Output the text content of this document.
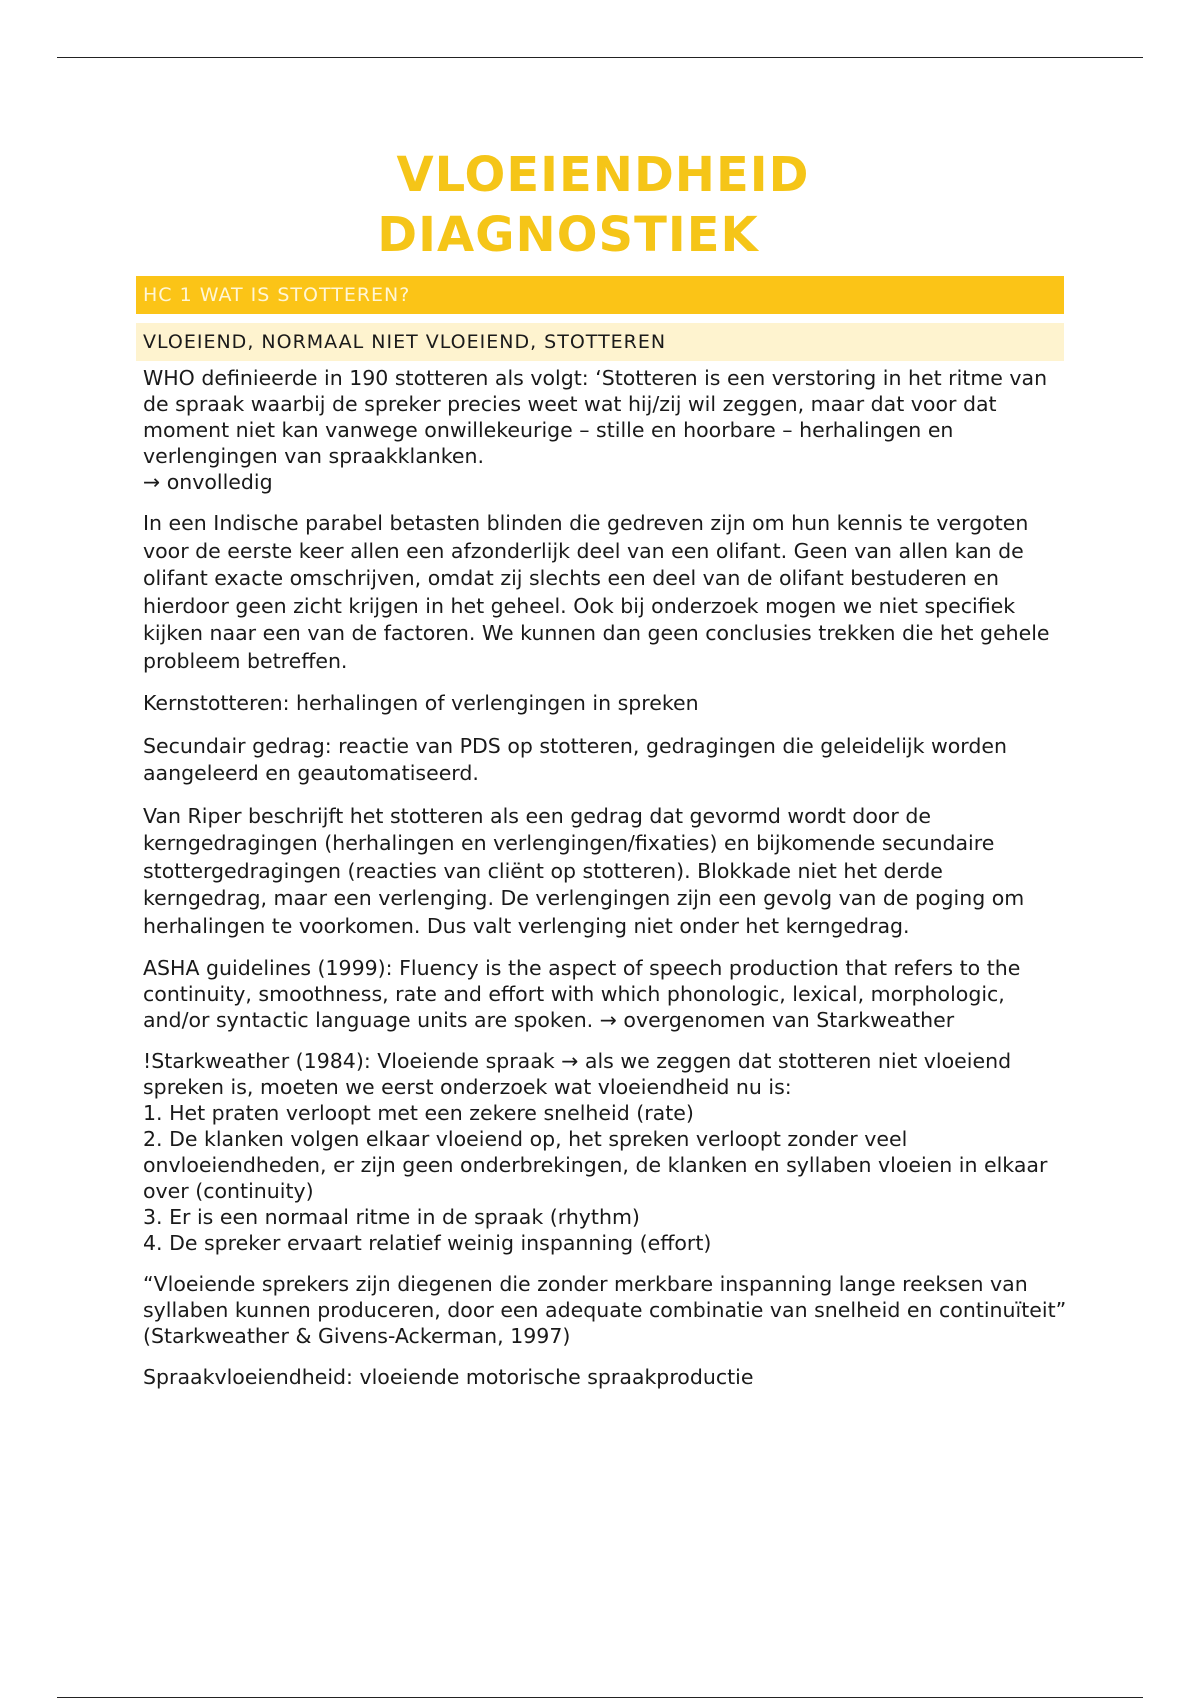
VLOEIENDHEID
DIAGNOSTIEK
HC 1 WAT IS STOTTEREN?
VLOEIEND, NORMAAL NIET VLOEIEND, STOTTEREN

WHO definieerde in 190 stotteren als volgt: ‘Stotteren is een verstoring in het ritme van de spraak waarbij de spreker precies weet wat hij/zij wil zeggen, maar dat voor dat moment niet kan vanwege onwillekeurige – stille en hoorbare – herhalingen en verlengingen van spraakklanken.
→ onvolledig

In een Indische parabel betasten blinden die gedreven zijn om hun kennis te vergoten voor de eerste keer allen een afzonderlijk deel van een olifant. Geen van allen kan de olifant exacte omschrijven, omdat zij slechts een deel van de olifant bestuderen en hierdoor geen zicht krijgen in het geheel. Ook bij onderzoek mogen we niet specifiek kijken naar een van de factoren. We kunnen dan geen conclusies trekken die het gehele probleem betreffen.

Kernstotteren: herhalingen of verlengingen in spreken

Secundair gedrag: reactie van PDS op stotteren, gedragingen die geleidelijk worden aangeleerd en geautomatiseerd.

Van Riper beschrijft het stotteren als een gedrag dat gevormd wordt door de kerngedragingen (herhalingen en verlengingen/fixaties) en bijkomende secundaire stottergedragingen (reacties van cliënt op stotteren). Blokkade niet het derde kerngedrag, maar een verlenging. De verlengingen zijn een gevolg van de poging om herhalingen te voorkomen. Dus valt verlenging niet onder het kerngedrag.

ASHA guidelines (1999): Fluency is the aspect of speech production that refers to the continuity, smoothness, rate and effort with which phonologic, lexical, morphologic, and/or syntactic language units are spoken. → overgenomen van Starkweather

!Starkweather (1984): Vloeiende spraak → als we zeggen dat stotteren niet vloeiend spreken is, moeten we eerst onderzoek wat vloeiendheid nu is:
1. Het praten verloopt met een zekere snelheid (rate)
2. De klanken volgen elkaar vloeiend op, het spreken verloopt zonder veel onvloeiendheden, er zijn geen onderbrekingen, de klanken en syllaben vloeien in elkaar over (continuity)
3. Er is een normaal ritme in de spraak (rhythm)
4. De spreker ervaart relatief weinig inspanning (effort)

“Vloeiende sprekers zijn diegenen die zonder merkbare inspanning lange reeksen van syllaben kunnen produceren, door een adequate combinatie van snelheid en continuïteit” (Starkweather & Givens-Ackerman, 1997)

Spraakvloeiendheid: vloeiende motorische spraakproductie
